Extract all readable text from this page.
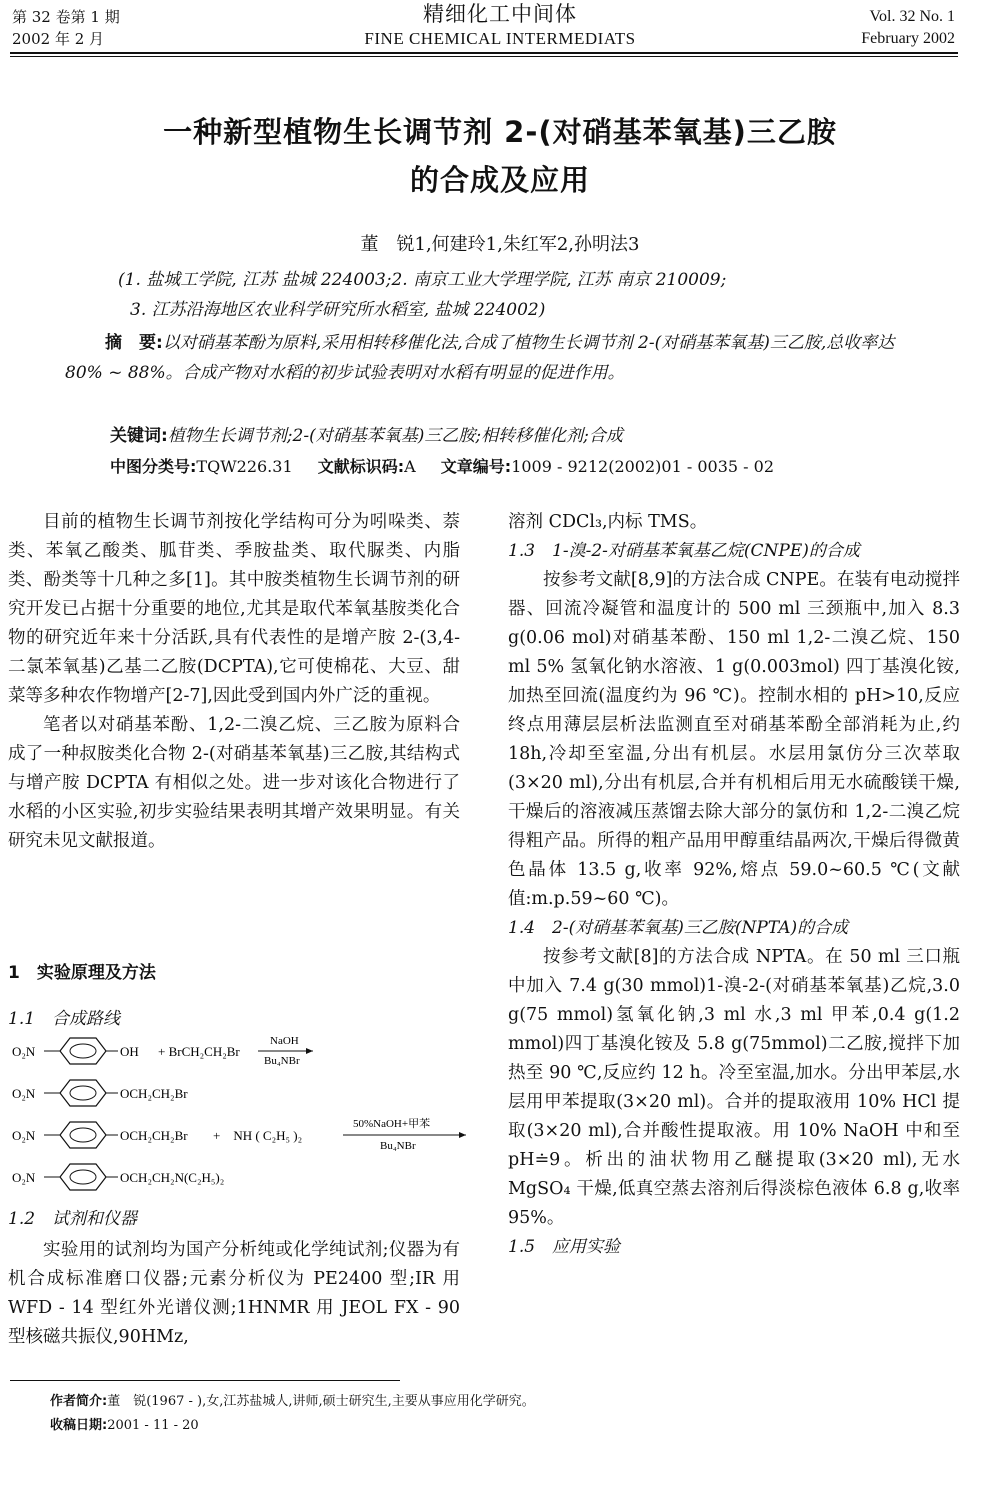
第 32 卷第 1 期
2002 年 2 月
精细化工中间体
FINE CHEMICAL INTERMEDIATS
Vol. 32 No. 1
February 2002
一种新型植物生长调节剂 2-(对硝基苯氧基)三乙胺
的合成及应用
董　锐1,何建玲1,朱红军2,孙明法3
(1. 盐城工学院, 江苏 盐城 224003;2. 南京工业大学理学院, 江苏 南京 210009;
3. 江苏沿海地区农业科学研究所水稻室, 盐城 224002)
摘　要:以对硝基苯酚为原料,采用相转移催化法,合成了植物生长调节剂 2-(对硝基苯氧基)三乙胺,总收率达 80% ~ 88%。合成产物对水稻的初步试验表明对水稻有明显的促进作用。
关键词:植物生长调节剂;2-(对硝基苯氧基)三乙胺;相转移催化剂;合成
中图分类号:TQW226.31 文献标识码:A 文章编号:1009 - 9212(2002)01 - 0035 - 02

目前的植物生长调节剂按化学结构可分为吲哚类、萘类、苯氧乙酸类、胍苷类、季胺盐类、取代脲类、内脂类、酚类等十几种之多[1]。其中胺类植物生长调节剂的研究开发已占据十分重要的地位,尤其是取代苯氧基胺类化合物的研究近年来十分活跃,具有代表性的是增产胺 2-(3,4-二氯苯氧基)乙基二乙胺(DCPTA),它可使棉花、大豆、甜菜等多种农作物增产[2-7],因此受到国内外广泛的重视。

笔者以对硝基苯酚、1,2-二溴乙烷、三乙胺为原料合成了一种叔胺类化合物 2-(对硝基苯氧基)三乙胺,其结构式与增产胺 DCPTA 有相似之处。进一步对该化合物进行了水稻的小区实验,初步实验结果表明其增产效果明显。有关研究未见文献报道。

1　实验原理及方法
1.1　合成路线
O₂N	OH + BrCH₂CH₂Br
NaOH
Bu₄NBr
O₂N	OCH₂CH₂Br
O₂N	OCH₂CH₂Br +　NH ( C₂H₅ )₂
50%NaOH+甲苯
Bu₄NBr
O₂N	OCH₂CH₂N(C₂H₅)₂
1.2　试剂和仪器

实验用的试剂均为国产分析纯或化学纯试剂;仪器为有机合成标准磨口仪器;元素分析仪为 PE2400 型;IR 用 WFD - 14 型红外光谱仪测;1HNMR 用 JEOL FX - 90 型核磁共振仪,90HMz,

溶剂 CDCl₃,内标 TMS。
1.3　1-溴-2-对硝基苯氧基乙烷(CNPE)的合成

按参考文献[8,9]的方法合成 CNPE。在装有电动搅拌器、回流冷凝管和温度计的 500 ml 三颈瓶中,加入 8.3 g(0.06 mol)对硝基苯酚、150 ml 1,2-二溴乙烷、150 ml 5% 氢氧化钠水溶液、1 g(0.003mol) 四丁基溴化铵,加热至回流(温度约为 96 ℃)。控制水相的 pH>10,反应终点用薄层层析法监测直至对硝基苯酚全部消耗为止,约 18h,冷却至室温,分出有机层。水层用氯仿分三次萃取(3×20 ml),分出有机层,合并有机相后用无水硫酸镁干燥,干燥后的溶液减压蒸馏去除大部分的氯仿和 1,2-二溴乙烷得粗产品。所得的粗产品用甲醇重结晶两次,干燥后得微黄色晶体 13.5 g,收率 92%,熔点 59.0~60.5 ℃(文献值:m.p.59~60 ℃)。

1.4　2-(对硝基苯氧基)三乙胺(NPTA)的合成

按参考文献[8]的方法合成 NPTA。在 50 ml 三口瓶中加入 7.4 g(30 mmol)1-溴-2-(对硝基苯氧基)乙烷,3.0 g(75 mmol)氢氧化钠,3 ml 水,3 ml 甲苯,0.4 g(1.2 mmol)四丁基溴化铵及 5.8 g(75mmol)二乙胺,搅拌下加热至 90 ℃,反应约 12 h。冷至室温,加水。分出甲苯层,水层用甲苯提取(3×20 ml)。合并的提取液用 10% HCl 提取(3×20 ml),合并酸性提取液。用 10% NaOH 中和至 pH≐9。析出的油状物用乙醚提取(3×20 ml),无水 MgSO₄ 干燥,低真空蒸去溶剂后得淡棕色液体 6.8 g,收率 95%。

1.5　应用实验
作者简介:董　锐(1967 - ),女,江苏盐城人,讲师,硕士研究生,主要从事应用化学研究。
收稿日期:2001 - 11 - 20
